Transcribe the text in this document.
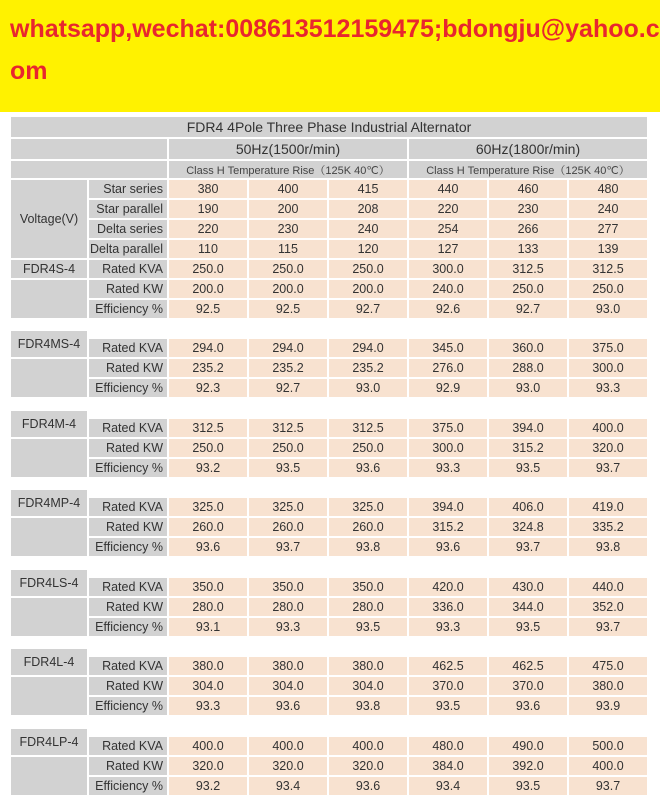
whatsapp,wechat:008613512159475;bdongju@yahoo.com
FDR4 4Pole Three Phase Industrial Alternator
50Hz(1500r/min)	60Hz(1800r/min)
Class H Temperature Rise（125K 40℃）	Class H Temperature Rise（125K 40℃）
Voltage(V)
Star series	380	400	415	440	460	480
Star parallel	190	200	208	220	230	240
Delta series	220	230	240	254	266	277
Delta parallel	110	115	120	127	133	139
FDR4S-4	Rated KVA	250.0	250.0	250.0	300.0	312.5	312.5
Rated KW	200.0	200.0	200.0	240.0	250.0	250.0
Efficiency %	92.5	92.5	92.7	92.6	92.7	93.0
FDR4MS-4	Rated KVA	294.0	294.0	294.0	345.0	360.0	375.0
Rated KW	235.2	235.2	235.2	276.0	288.0	300.0
Efficiency %	92.3	92.7	93.0	92.9	93.0	93.3
FDR4M-4	Rated KVA	312.5	312.5	312.5	375.0	394.0	400.0
Rated KW	250.0	250.0	250.0	300.0	315.2	320.0
Efficiency %	93.2	93.5	93.6	93.3	93.5	93.7
FDR4MP-4	Rated KVA	325.0	325.0	325.0	394.0	406.0	419.0
Rated KW	260.0	260.0	260.0	315.2	324.8	335.2
Efficiency %	93.6	93.7	93.8	93.6	93.7	93.8
FDR4LS-4	Rated KVA	350.0	350.0	350.0	420.0	430.0	440.0
Rated KW	280.0	280.0	280.0	336.0	344.0	352.0
Efficiency %	93.1	93.3	93.5	93.3	93.5	93.7
FDR4L-4	Rated KVA	380.0	380.0	380.0	462.5	462.5	475.0
Rated KW	304.0	304.0	304.0	370.0	370.0	380.0
Efficiency %	93.3	93.6	93.8	93.5	93.6	93.9
FDR4LP-4	Rated KVA	400.0	400.0	400.0	480.0	490.0	500.0
Rated KW	320.0	320.0	320.0	384.0	392.0	400.0
Efficiency %	93.2	93.4	93.6	93.4	93.5	93.7
